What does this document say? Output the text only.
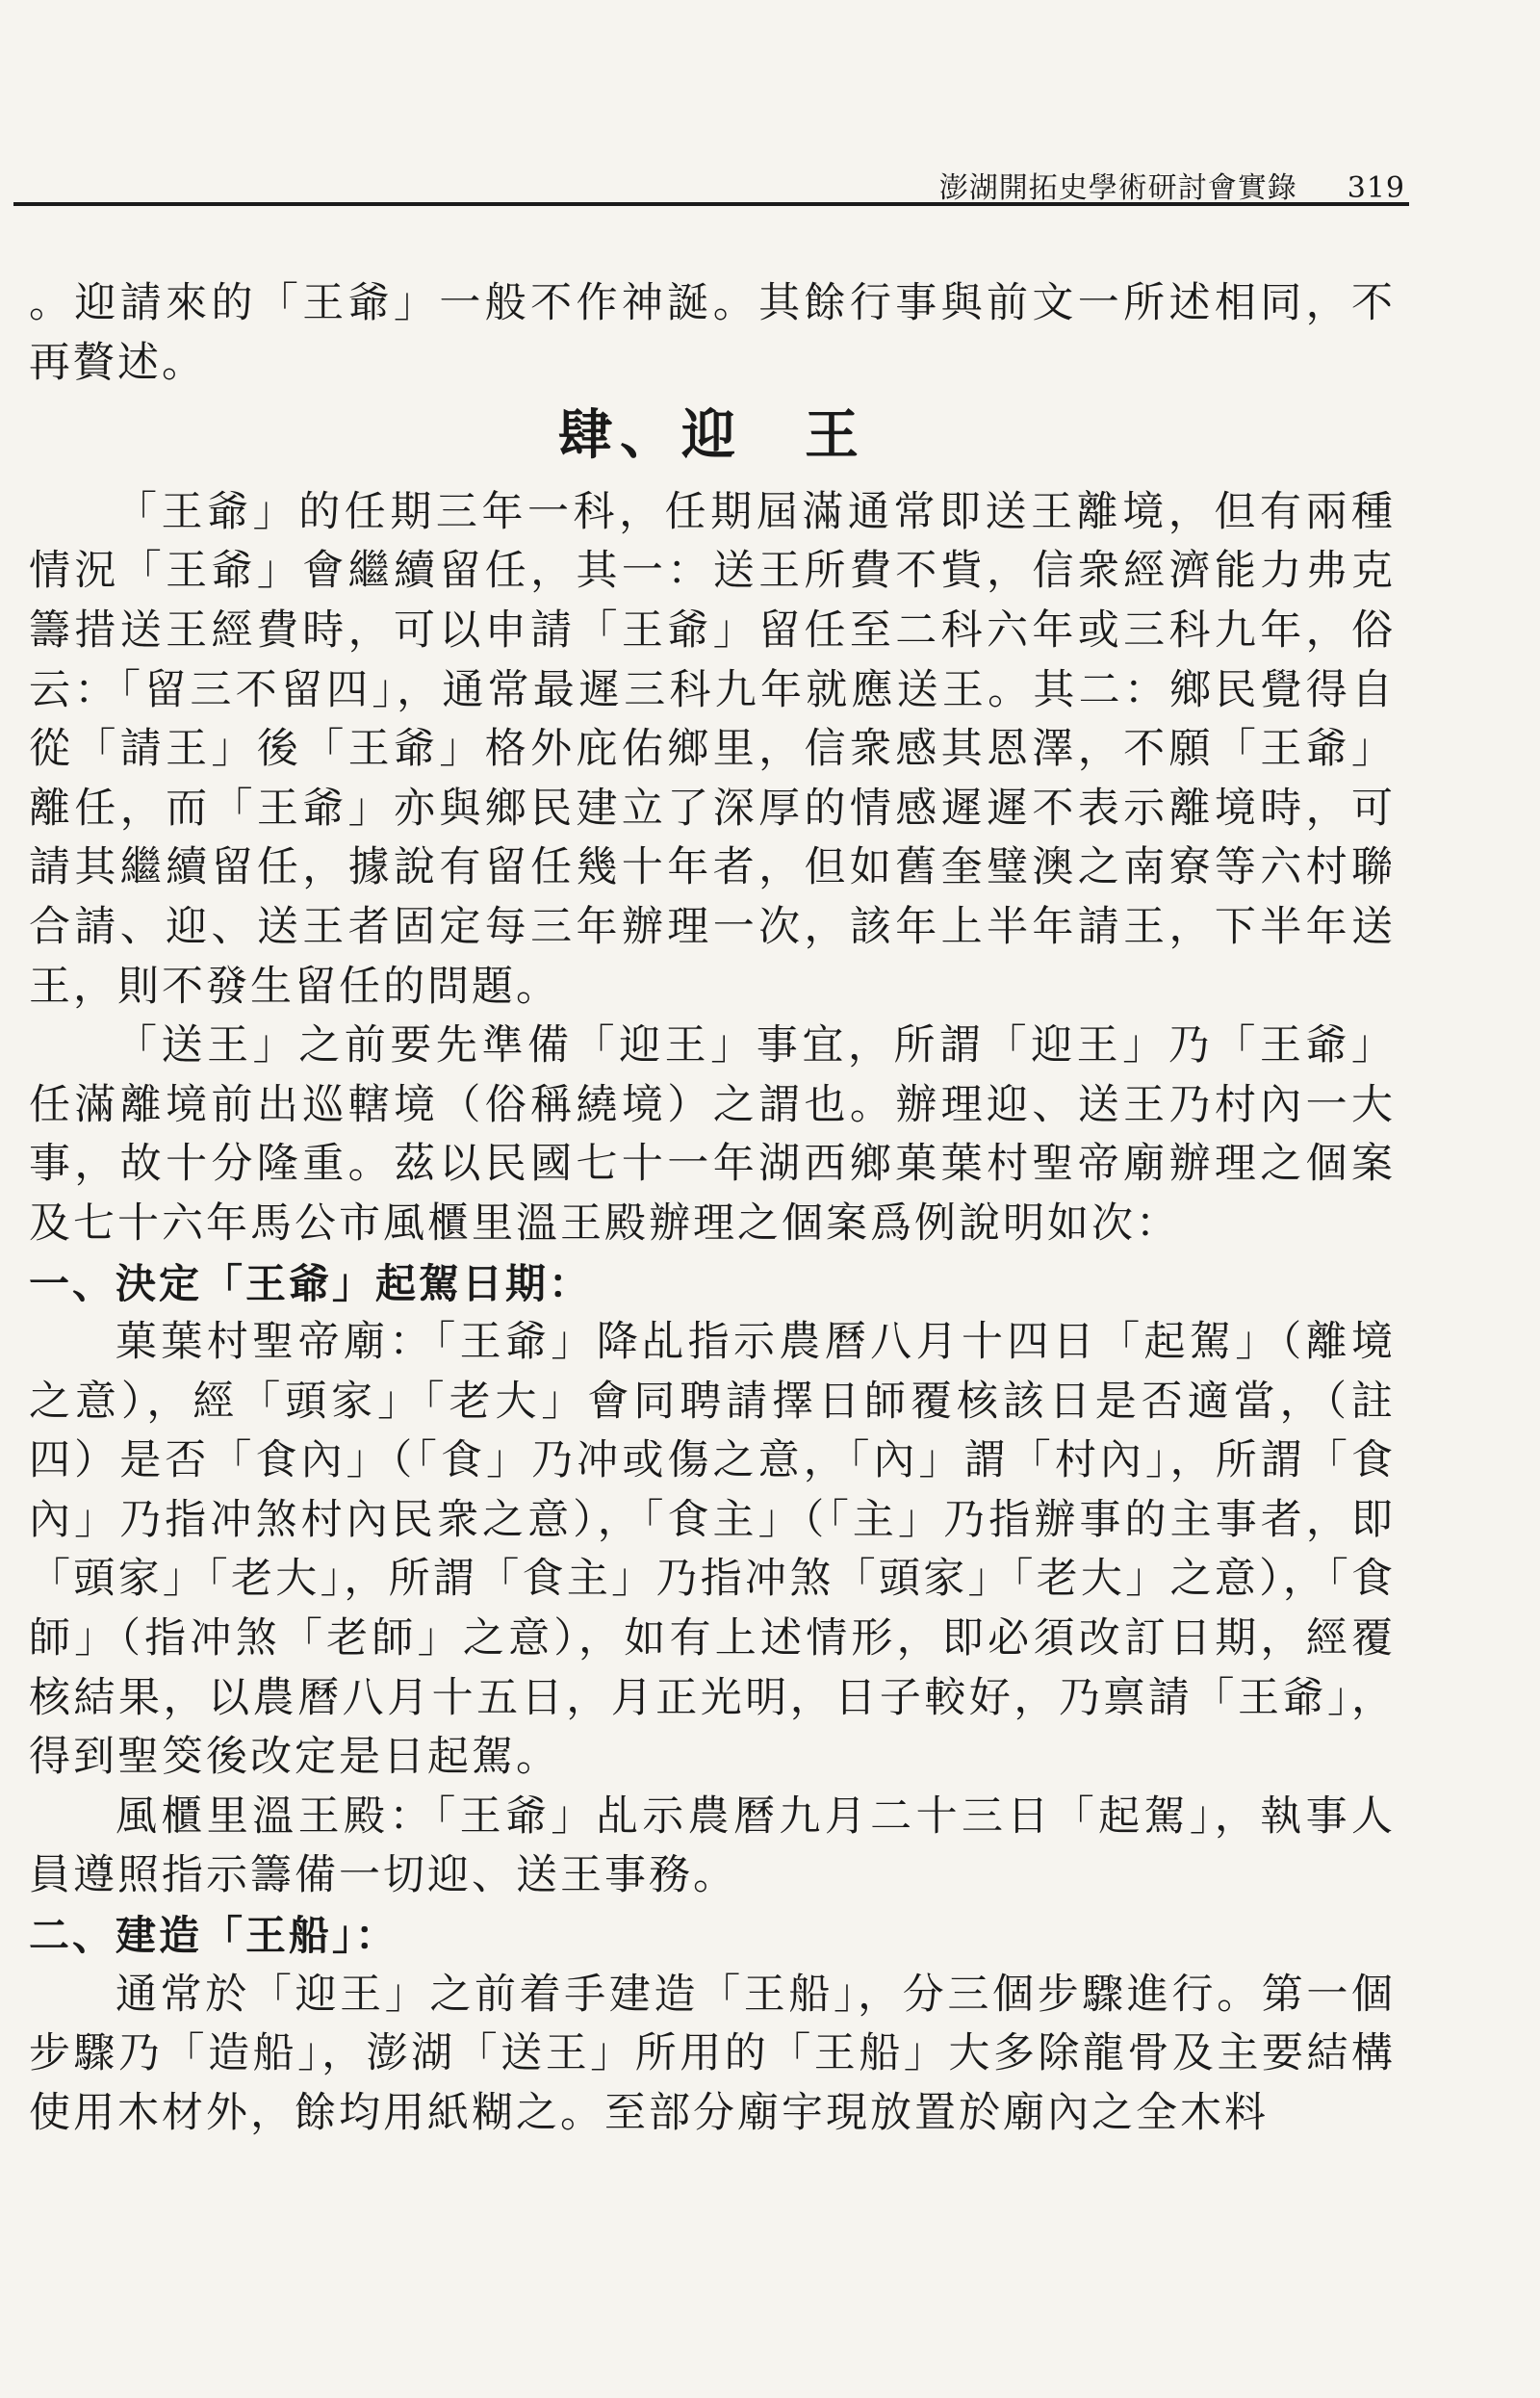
澎湖開拓史學術研討會實錄 319

。迎請來的「王爺」一般不作神誕。其餘行事與前文一所述相同，不再贅述。

肆、迎　王

「王爺」的任期三年一科，任期屆滿通常即送王離境，但有兩種情況「王爺」會繼續留任，其一：送王所費不貲，信衆經濟能力弗克籌措送王經費時，可以申請「王爺」留任至二科六年或三科九年，俗云：「留三不留四」，通常最遲三科九年就應送王。其二：鄉民覺得自從「請王」後「王爺」格外庇佑鄉里，信衆感其恩澤，不願「王爺」離任，而「王爺」亦與鄉民建立了深厚的情感遲遲不表示離境時，可請其繼續留任，據說有留任幾十年者，但如舊奎璧澳之南寮等六村聯合請、迎、送王者固定每三年辦理一次，該年上半年請王，下半年送王，則不發生留任的問題。

「送王」之前要先準備「迎王」事宜，所謂「迎王」乃「王爺」任滿離境前出巡轄境（俗稱繞境）之謂也。辦理迎、送王乃村內一大事，故十分隆重。茲以民國七十一年湖西鄉菓葉村聖帝廟辦理之個案及七十六年馬公市風櫃里溫王殿辦理之個案爲例說明如次：

一、決定「王爺」起駕日期：

菓葉村聖帝廟：「王爺」降乩指示農曆八月十四日「起駕」（離境之意），經「頭家」「老大」會同聘請擇日師覆核該日是否適當，（註四）是否「食內」（「食」乃冲或傷之意，「內」謂「村內」，所謂「食內」乃指冲煞村內民衆之意），「食主」（「主」乃指辦事的主事者，即「頭家」「老大」，所謂「食主」乃指冲煞「頭家」「老大」之意），「食師」（指冲煞「老師」之意），如有上述情形，即必須改訂日期，經覆核結果，以農曆八月十五日，月正光明，日子較好，乃禀請「王爺」，得到聖筊後改定是日起駕。

風櫃里溫王殿：「王爺」乩示農曆九月二十三日「起駕」，執事人員遵照指示籌備一切迎、送王事務。

二、建造「王船」：

通常於「迎王」之前着手建造「王船」，分三個步驟進行。第一個步驟乃「造船」，澎湖「送王」所用的「王船」大多除龍骨及主要結構使用木材外，餘均用紙糊之。至部分廟宇現放置於廟內之全木料
